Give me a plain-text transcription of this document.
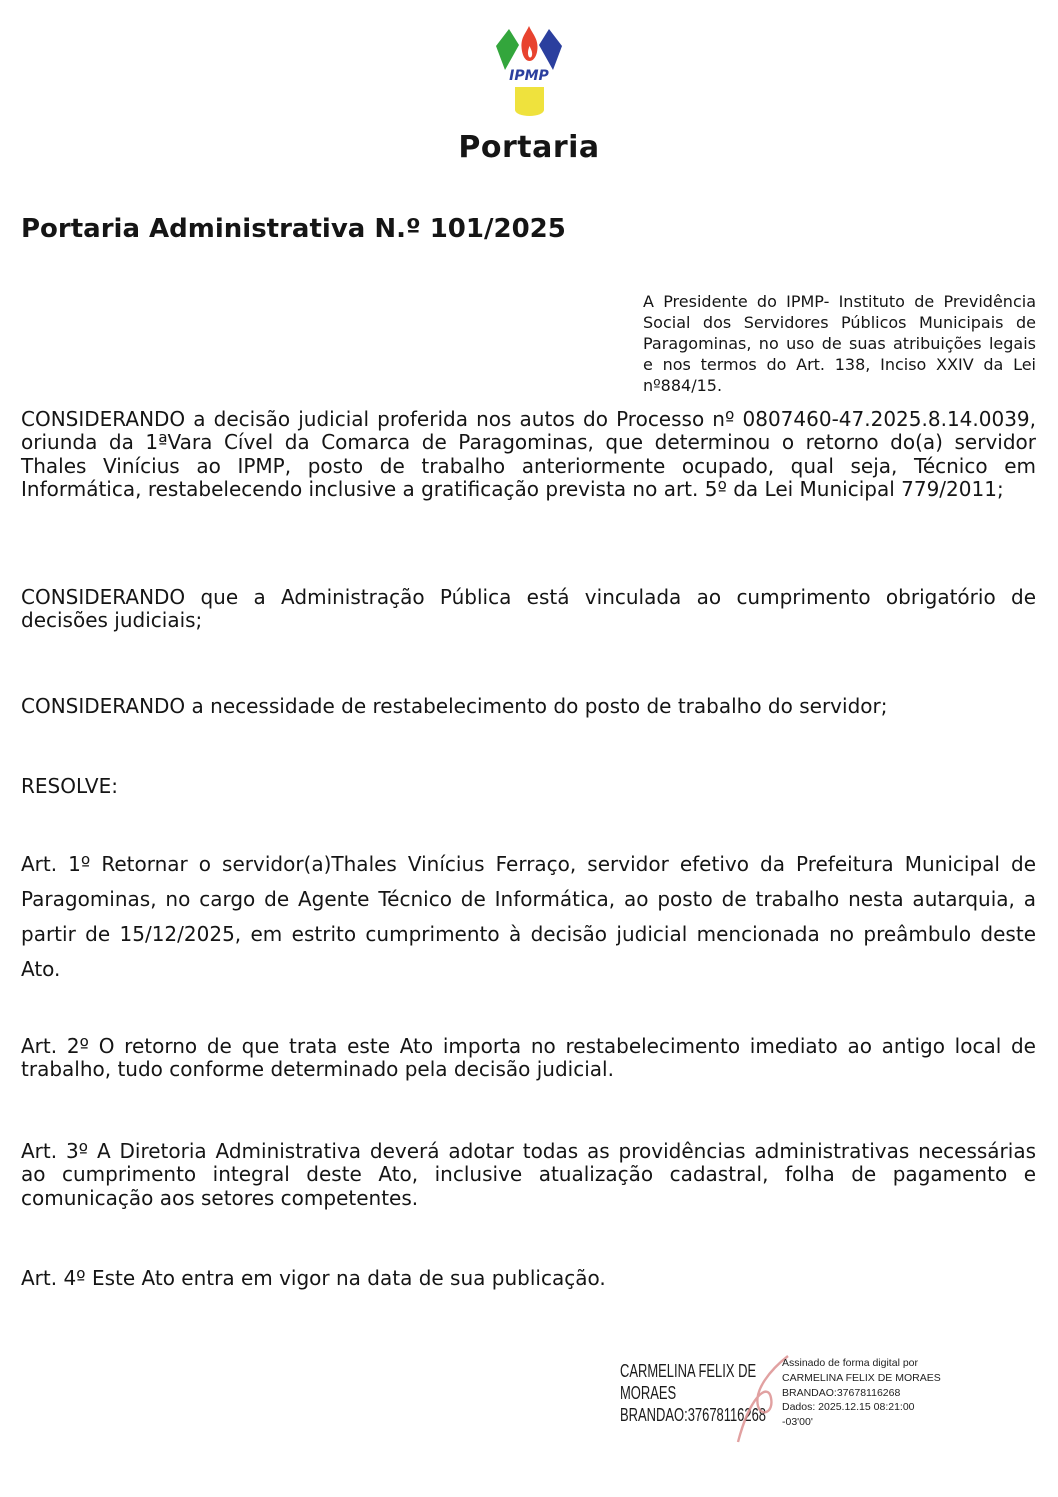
IPMP
Portaria
Portaria Administrativa N.º 101/2025

A Presidente do IPMP- Instituto de Previdência Social dos Servidores Públicos Municipais de Paragominas, no uso de suas atribuições legais e nos termos do Art. 138, Inciso XXIV da Lei nº884/15.

CONSIDERANDO a decisão judicial proferida nos autos do Processo nº 0807460-47.2025.8.14.0039, oriunda da 1ªVara Cível da Comarca de Paragominas, que determinou o retorno do(a) servidor Thales Vinícius ao IPMP, posto de trabalho anteriormente ocupado, qual seja, Técnico em Informática, restabelecendo inclusive a gratificação prevista no art. 5º da Lei Municipal 779/2011;

CONSIDERANDO que a Administração Pública está vinculada ao cumprimento obrigatório de decisões judiciais;

CONSIDERANDO a necessidade de restabelecimento do posto de trabalho do servidor;

RESOLVE:

Art. 1º Retornar o servidor(a)Thales Vinícius Ferraço, servidor efetivo da Prefeitura Municipal de Paragominas, no cargo de Agente Técnico de Informática, ao posto de trabalho nesta autarquia, a partir de 15/12/2025, em estrito cumprimento à decisão judicial mencionada no preâmbulo deste Ato.

Art. 2º O retorno de que trata este Ato importa no restabelecimento imediato ao antigo local de trabalho, tudo conforme determinado pela decisão judicial.

Art. 3º A Diretoria Administrativa deverá adotar todas as providências administrativas necessárias ao cumprimento integral deste Ato, inclusive atualização cadastral, folha de pagamento e comunicação aos setores competentes.

Art. 4º Este Ato entra em vigor na data de sua publicação.

CARMELINA FELIX DE
MORAES
BRANDAO:37678116268
Assinado de forma digital por
CARMELINA FELIX DE MORAES
BRANDAO:37678116268
Dados: 2025.12.15 08:21:00
-03'00'
